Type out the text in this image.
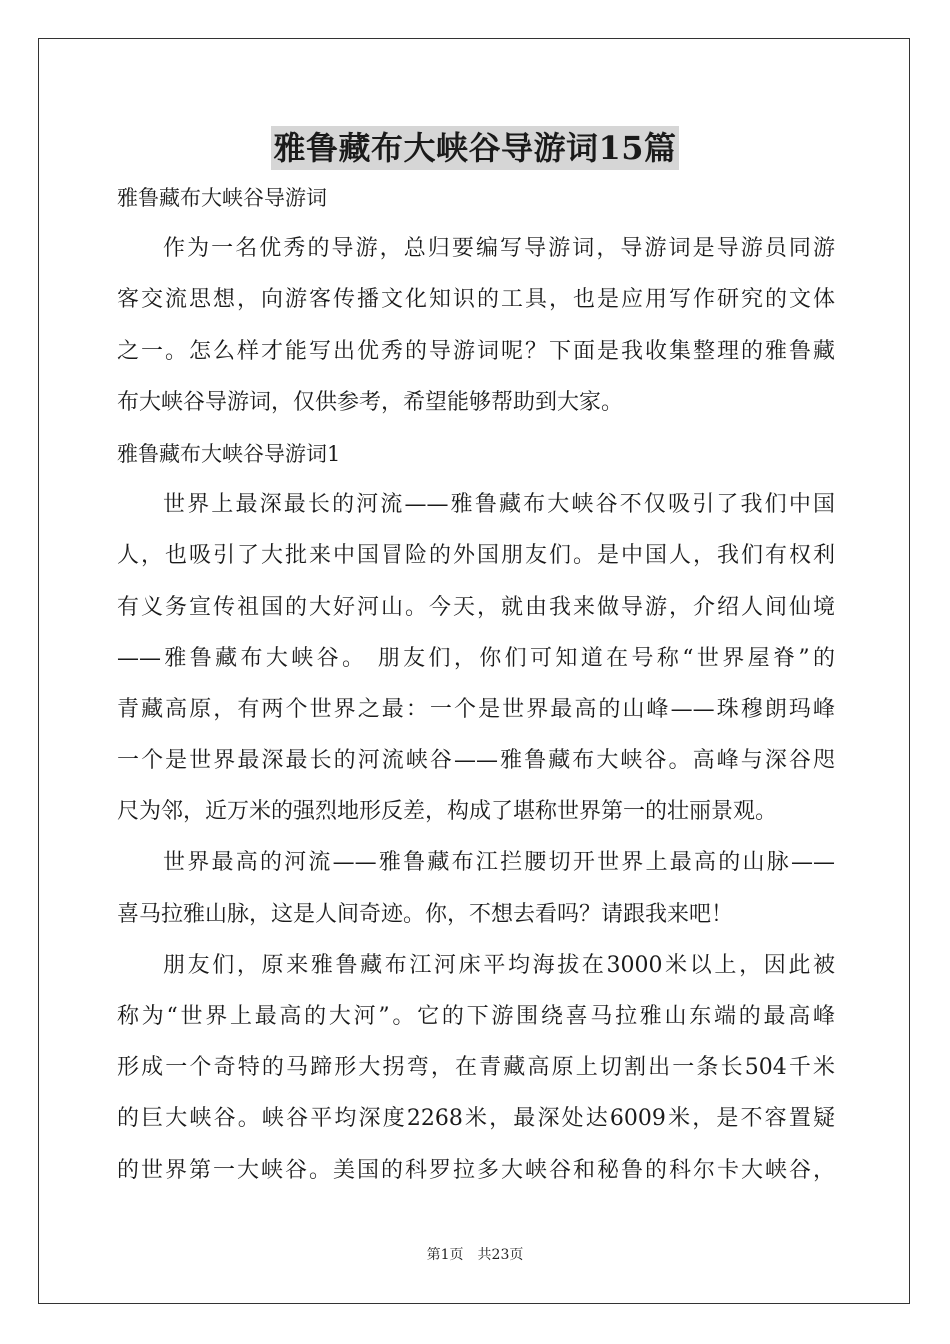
雅鲁藏布大峡谷导游词15篇
雅鲁藏布大峡谷导游词
作为一名优秀的导游，总归要编写导游词，导游词是导游员同游
客交流思想，向游客传播文化知识的工具，也是应用写作研究的文体
之一。怎么样才能写出优秀的导游词呢？下面是我收集整理的雅鲁藏
布大峡谷导游词，仅供参考，希望能够帮助到大家。
雅鲁藏布大峡谷导游词1
世界上最深最长的河流——雅鲁藏布大峡谷不仅吸引了我们中国
人，也吸引了大批来中国冒险的外国朋友们。是中国人，我们有权利
有义务宣传祖国的大好河山。今天，就由我来做导游，介绍人间仙境
——雅鲁藏布大峡谷。 朋友们，你们可知道在号称“世界屋脊”的
青藏高原，有两个世界之最：一个是世界最高的山峰——珠穆朗玛峰
一个是世界最深最长的河流峡谷——雅鲁藏布大峡谷。高峰与深谷咫
尺为邻，近万米的强烈地形反差，构成了堪称世界第一的壮丽景观。
世界最高的河流——雅鲁藏布江拦腰切开世界上最高的山脉——
喜马拉雅山脉，这是人间奇迹。你，不想去看吗？请跟我来吧！
朋友们，原来雅鲁藏布江河床平均海拔在3000米以上，因此被
称为“世界上最高的大河”。它的下游围绕喜马拉雅山东端的最高峰
形成一个奇特的马蹄形大拐弯，在青藏高原上切割出一条长504千米
的巨大峡谷。峡谷平均深度2268米，最深处达6009米，是不容置疑
的世界第一大峡谷。美国的科罗拉多大峡谷和秘鲁的科尔卡大峡谷，
第1页　共23页
